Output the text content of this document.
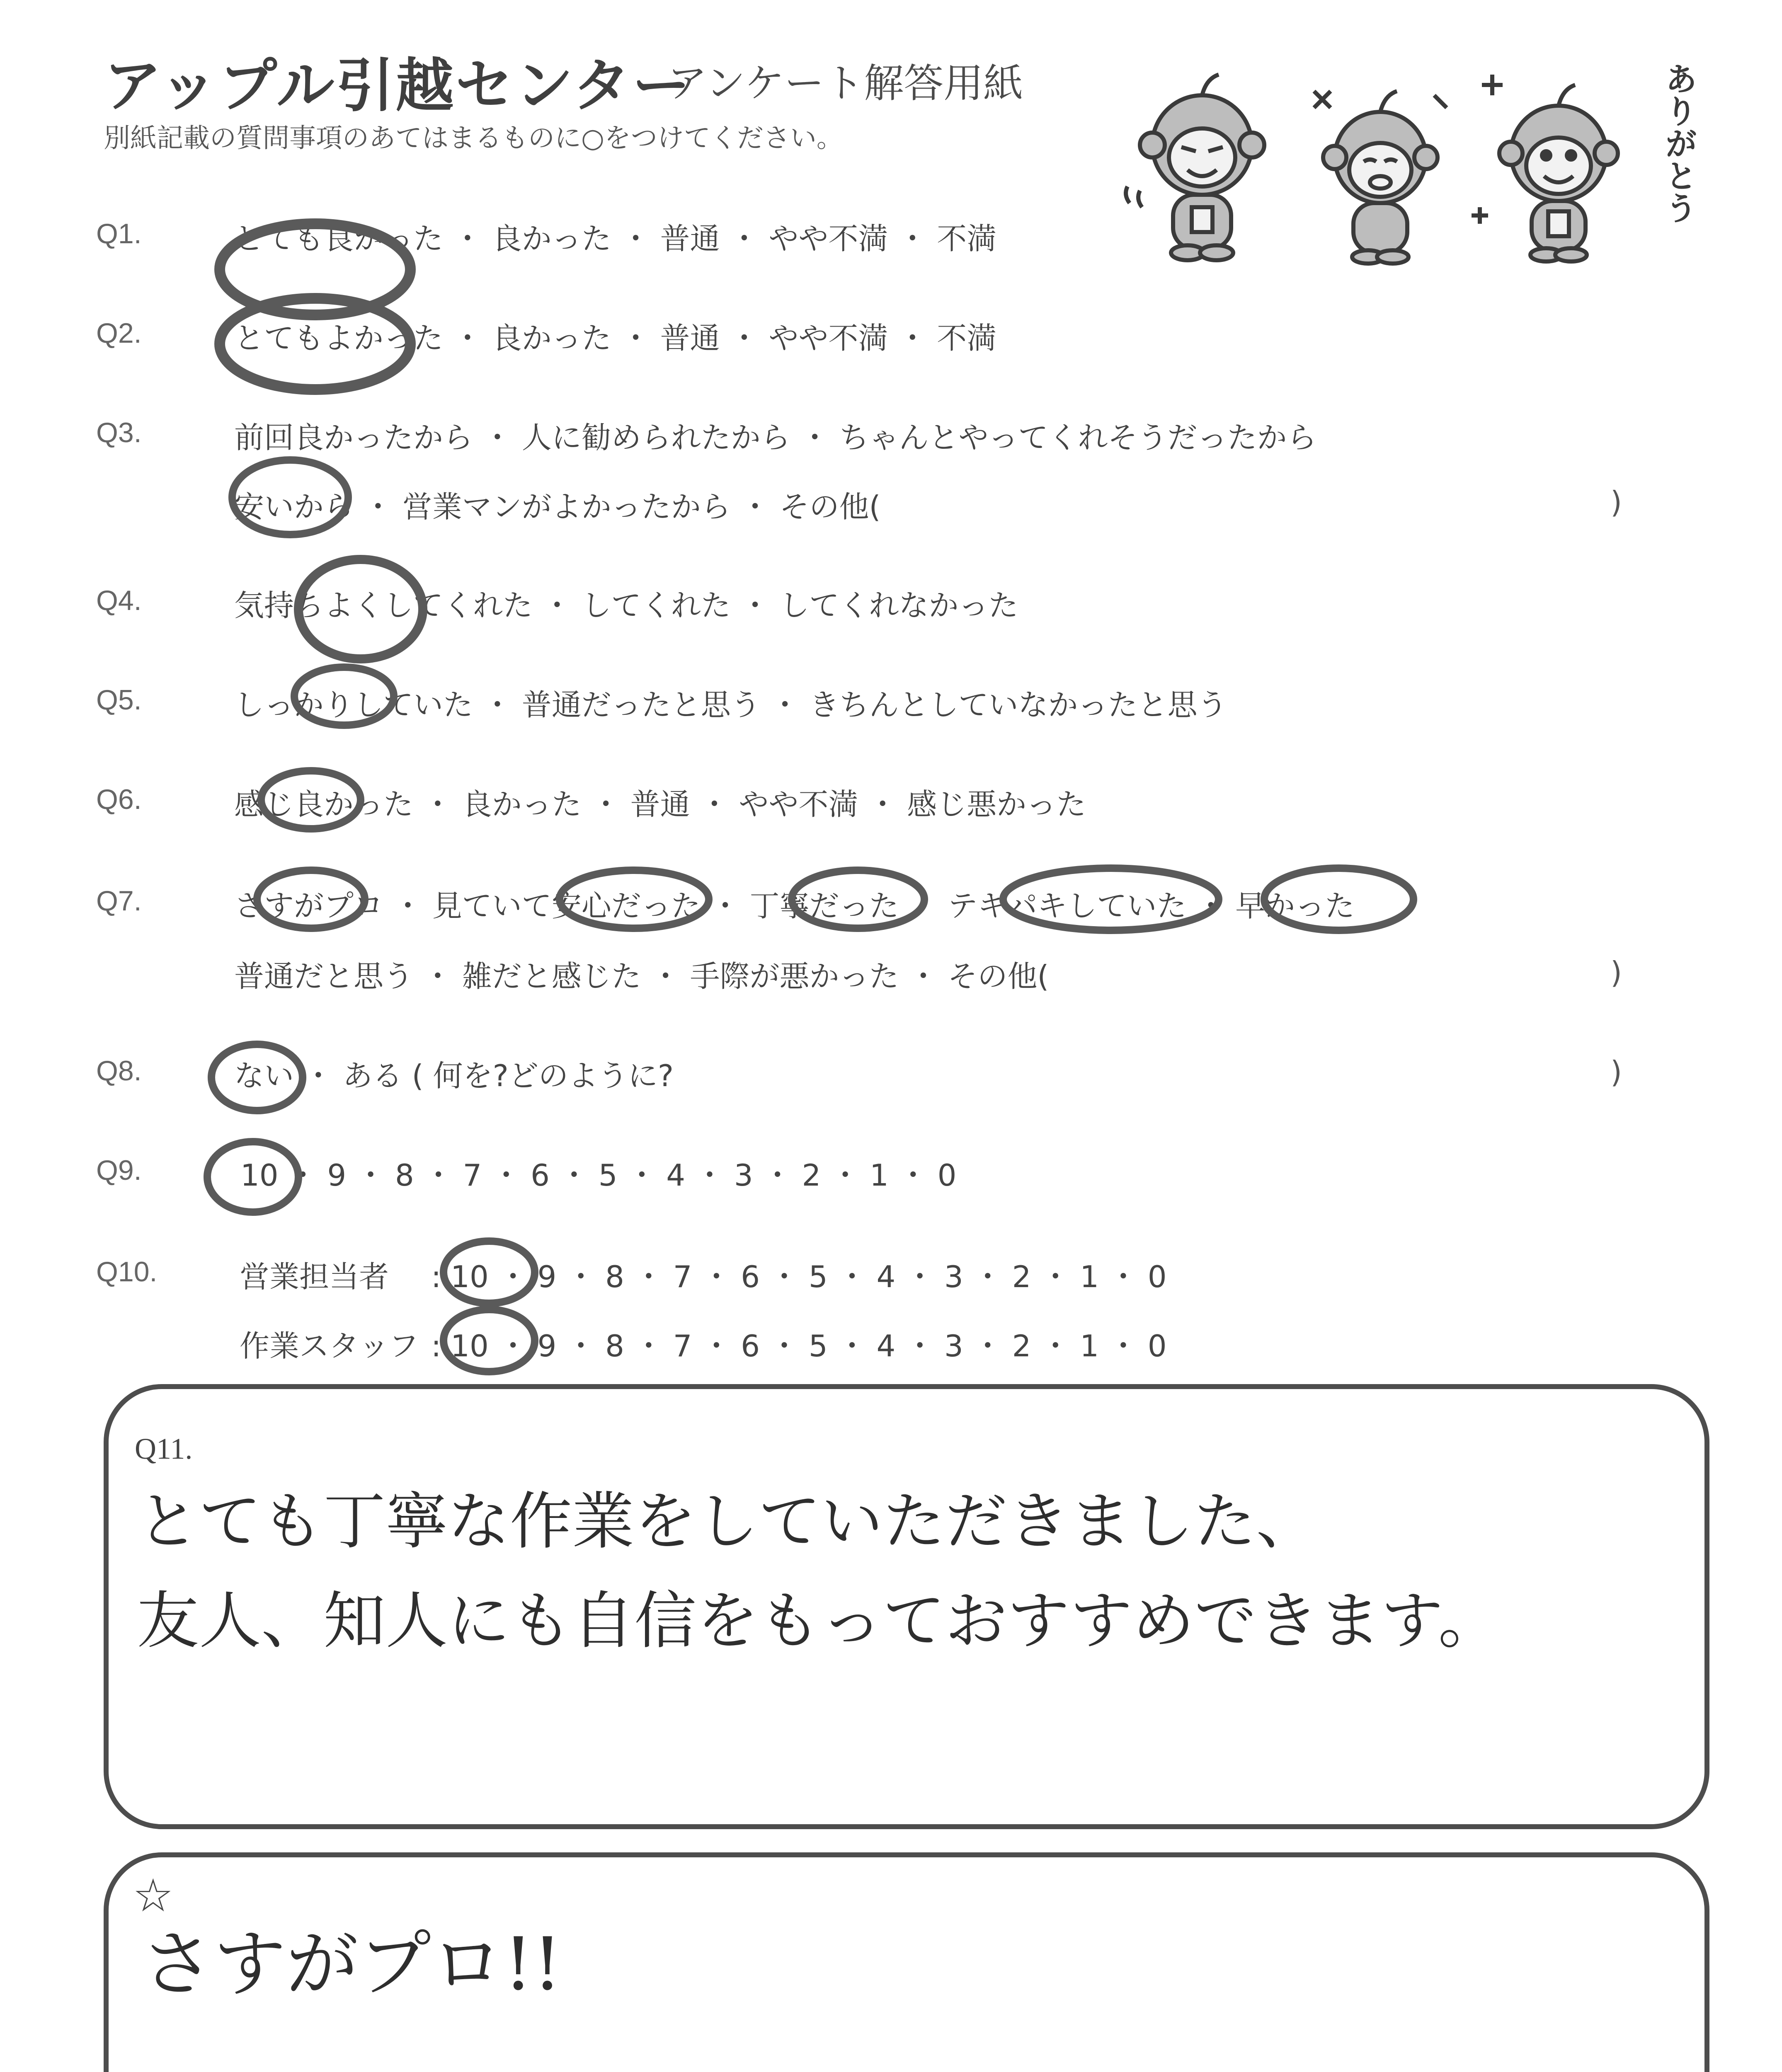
アップル引越センター
アンケート解答用紙
別紙記載の質問事項のあてはまるものに○をつけてください。	ありがとう
Q1.	とても良かった ・ 良かった ・ 普通 ・ やや不満 ・ 不満
Q2.	とてもよかった ・ 良かった ・ 普通 ・ やや不満 ・ 不満
Q3.	前回良かったから ・ 人に勧められたから ・ ちゃんとやってくれそうだったから
安いから ・ 営業マンがよかったから ・ その他(	)
Q4.	気持ちよくしてくれた ・ してくれた ・ してくれなかった
Q5.	しっかりしていた ・ 普通だったと思う ・ きちんとしていなかったと思う
Q6.	感じ良かった ・ 良かった ・ 普通 ・ やや不満 ・ 感じ悪かった
Q7.	さすがプロ ・ 見ていて安心だった ・ 丁寧だった ・ テキパキしていた ・ 早かった
普通だと思う ・ 雑だと感じた ・ 手際が悪かった ・ その他(	)
Q8.	ない ・ ある ( 何を?どのように?	)
Q9.	10 ・ 9 ・ 8 ・ 7 ・ 6 ・ 5 ・ 4 ・ 3 ・ 2 ・ 1 ・ 0
Q10.	営業担当者 : 10 ・ 9 ・ 8 ・ 7 ・ 6 ・ 5 ・ 4 ・ 3 ・ 2 ・ 1 ・ 0
作業スタッフ : 10 ・ 9 ・ 8 ・ 7 ・ 6 ・ 5 ・ 4 ・ 3 ・ 2 ・ 1 ・ 0
Q11.
とても丁寧な作業をしていただきました、
友人、知人にも自信をもっておすすめできます。
☆
さすがプロ!!
